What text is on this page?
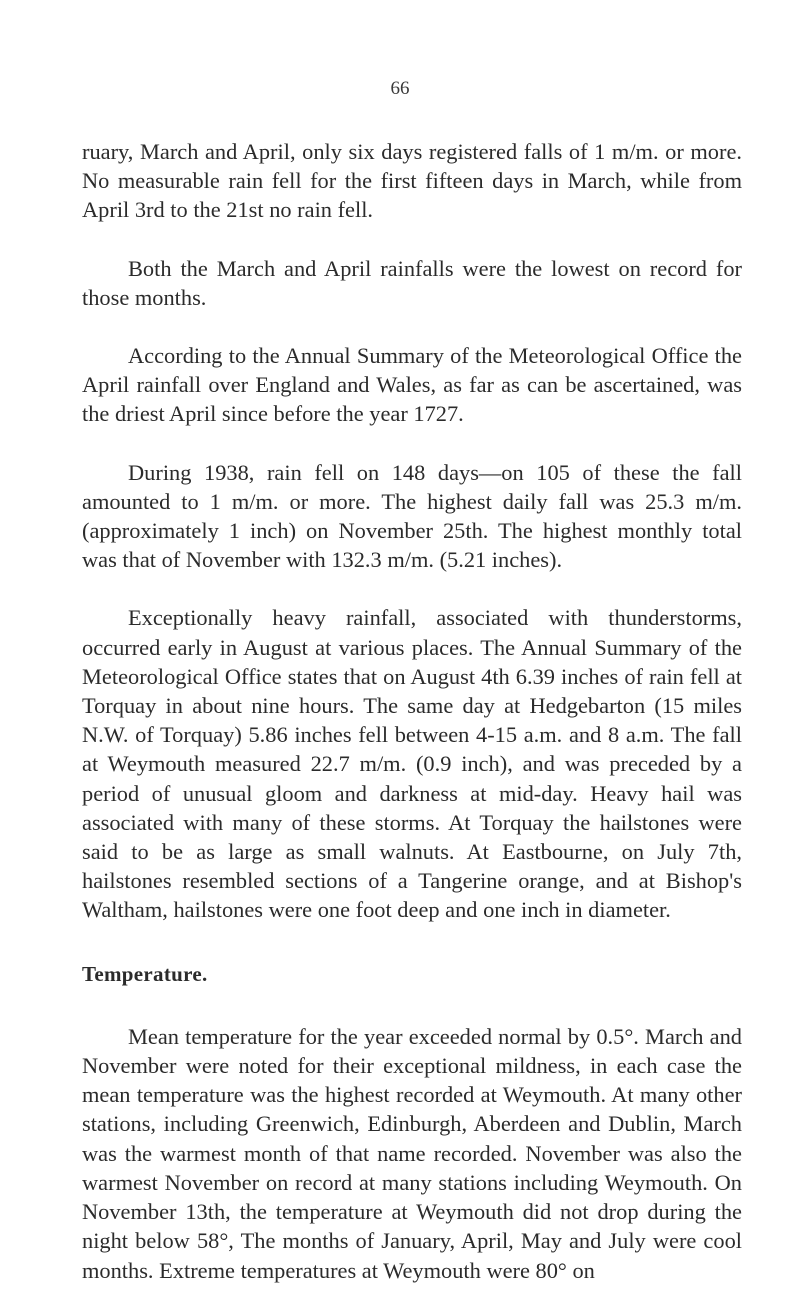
66

ruary, March and April, only six days registered falls of 1 m/m. or more. No measurable rain fell for the first fifteen days in March, while from April 3rd to the 21st no rain fell.

Both the March and April rainfalls were the lowest on record for those months.

According to the Annual Summary of the Meteorological Office the April rainfall over England and Wales, as far as can be ascertained, was the driest April since before the year 1727.

During 1938, rain fell on 148 days—on 105 of these the fall amounted to 1 m/m. or more. The highest daily fall was 25.3 m/m. (approximately 1 inch) on November 25th. The highest monthly total was that of November with 132.3 m/m. (5.21 inches).

Exceptionally heavy rainfall, associated with thunderstorms, occurred early in August at various places. The Annual Summary of the Meteorological Office states that on August 4th 6.39 inches of rain fell at Torquay in about nine hours. The same day at Hedgebarton (15 miles N.W. of Torquay) 5.86 inches fell between 4-15 a.m. and 8 a.m. The fall at Weymouth measured 22.7 m/m. (0.9 inch), and was preceded by a period of unusual gloom and darkness at mid-day. Heavy hail was associated with many of these storms. At Torquay the hailstones were said to be as large as small walnuts. At Eastbourne, on July 7th, hailstones resembled sections of a Tangerine orange, and at Bishop's Waltham, hailstones were one foot deep and one inch in diameter.

Temperature.

Mean temperature for the year exceeded normal by 0.5°. March and November were noted for their exceptional mildness, in each case the mean temperature was the highest recorded at Weymouth. At many other stations, including Greenwich, Edinburgh, Aberdeen and Dublin, March was the warmest month of that name recorded. November was also the warmest November on record at many stations including Weymouth. On November 13th, the temperature at Weymouth did not drop during the night below 58°, The months of January, April, May and July were cool months. Extreme temperatures at Weymouth were 80° on
